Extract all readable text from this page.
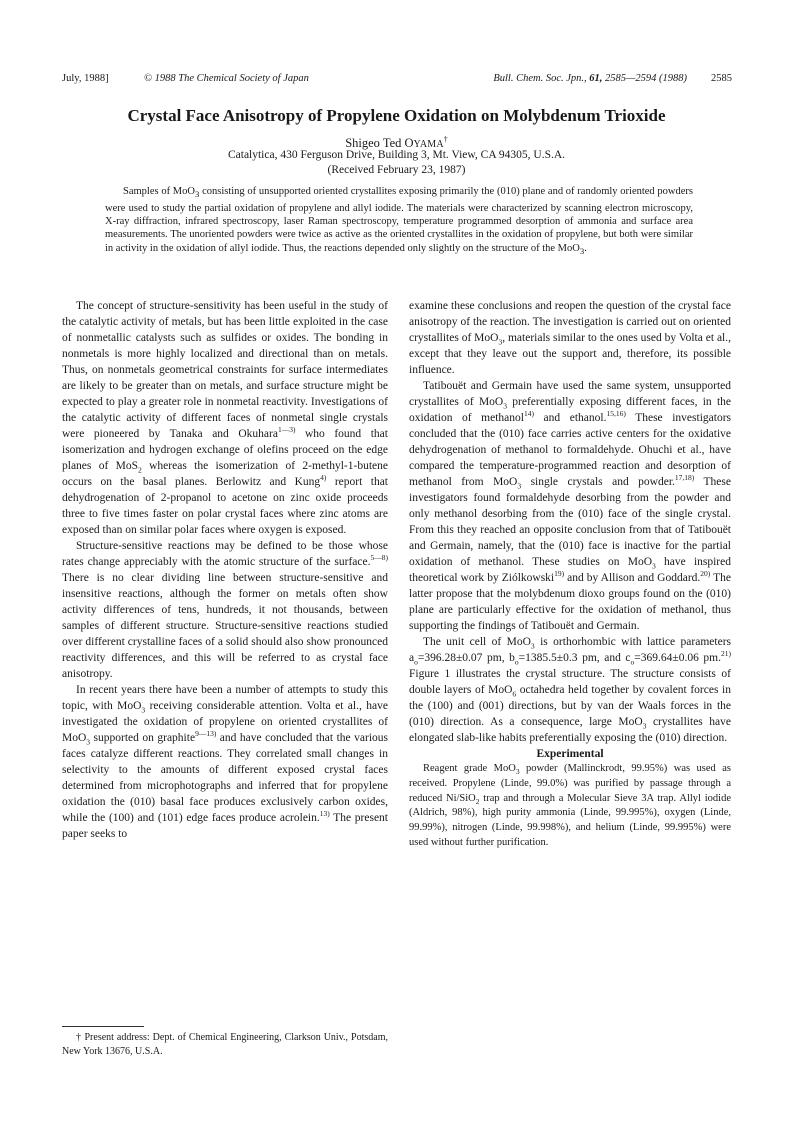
July, 1988]	© 1988 The Chemical Society of Japan	Bull. Chem. Soc. Jpn., 61, 2585—2594 (1988) 2585
Crystal Face Anisotropy of Propylene Oxidation on Molybdenum Trioxide
Shigeo Ted OYAMA†
Catalytica, 430 Ferguson Drive, Building 3, Mt. View, CA 94305, U.S.A.
(Received February 23, 1987)

Samples of MoO$_3$ consisting of unsupported oriented crystallites exposing primarily the (010) plane and of randomly oriented powders were used to study the partial oxidation of propylene and allyl iodide. The materials were characterized by scanning electron microscopy, X-ray diffraction, infrared spectroscopy, laser Raman spectroscopy, temperature programmed desorption of ammonia and surface area measurements. The unoriented powders were twice as active as the oriented crystallites in the oxidation of propylene, but both were similar in activity in the oxidation of allyl iodide. Thus, the reactions depended only slightly on the structure of the MoO$_3$.

The concept of structure-sensitivity has been useful in the study of the catalytic activity of metals, but has been little exploited in the case of nonmetallic catalysts such as sulfides or oxides. The bonding in nonmetals is more highly localized and directional than on metals. Thus, on nonmetals geometrical constraints for surface intermediates are likely to be greater than on metals, and surface structure might be expected to play a greater role in nonmetal reactivity. Investigations of the catalytic activity of different faces of nonmetal single crystals were pioneered by Tanaka and Okuhara$^{1—3)}$ who found that isomerization and hydrogen exchange of olefins proceed on the edge planes of MoS$_2$ whereas the isomerization of 2-methyl-1-butene occurs on the basal planes. Berlowitz and Kung$^{4)}$ report that dehydrogenation of 2-propanol to acetone on zinc oxide proceeds three to five times faster on polar crystal faces where zinc atoms are exposed than on similar polar faces where oxygen is exposed.

Structure-sensitive reactions may be defined to be those whose rates change appreciably with the atomic structure of the surface.$^{5—8)}$ There is no clear dividing line between structure-sensitive and insensitive reactions, although the former on metals often show activity differences of tens, hundreds, it not thousands, between samples of different structure. Structure-sensitive reactions studied over different crystalline faces of a solid should also show pronounced reactivity differences, and this will be referred to as crystal face anisotropy.

In recent years there have been a number of attempts to study this topic, with MoO$_3$ receiving considerable attention. Volta et al., have investigated the oxidation of propylene on oriented crystallites of MoO$_3$ supported on graphite$^{9—13)}$ and have concluded that the various faces catalyze different reactions. They correlated small changes in selectivity to the amounts of different exposed crystal faces determined from microphotographs and inferred that for propylene oxidation the (010) basal face produces exclusively carbon oxides, while the (100) and (101) edge faces produce acrolein.$^{13)}$ The present paper seeks to

† Present address: Dept. of Chemical Engineering, Clarkson Univ., Potsdam, New York 13676, U.S.A.

examine these conclusions and reopen the question of the crystal face anisotropy of the reaction. The investigation is carried out on oriented crystallites of MoO$_3$, materials similar to the ones used by Volta et al., except that they leave out the support and, therefore, its possible influence.

Tatibouët and Germain have used the same system, unsupported crystallites of MoO$_3$ preferentially exposing different faces, in the oxidation of methanol$^{14)}$ and ethanol.$^{15,16)}$ These investigators concluded that the (010) face carries active centers for the oxidative dehydrogenation of methanol to formaldehyde. Ohuchi et al., have compared the temperature-programmed reaction and desorption of methanol from MoO$_3$ single crystals and powder.$^{17,18)}$ These investigators found formaldehyde desorbing from the powder and only methanol desorbing from the (010) face of the single crystal. From this they reached an opposite conclusion from that of Tatibouët and Germain, namely, that the (010) face is inactive for the partial oxidation of methanol. These studies on MoO$_3$ have inspired theoretical work by Ziólkowski$^{19)}$ and by Allison and Goddard.$^{20)}$ The latter propose that the molybdenum dioxo groups found on the (010) plane are particularly effective for the oxidation of methanol, thus supporting the findings of Tatibouët and Germain.

The unit cell of MoO$_3$ is orthorhombic with lattice parameters $a_o=396.28\pm 0.07$ pm, $b_o=1385.5\pm 0.3$ pm, and $c_o=369.64\pm 0.06$ pm.$^{21)}$ Figure 1 illustrates the crystal structure. The structure consists of double layers of MoO$_6$ octahedra held together by covalent forces in the (100) and (001) directions, but by van der Waals forces in the (010) direction. As a consequence, large MoO$_3$ crystallites have elongated slab-like habits preferentially exposing the (010) direction.

Experimental

Reagent grade MoO$_3$ powder (Mallinckrodt, 99.95%) was used as received. Propylene (Linde, 99.0%) was purified by passage through a reduced Ni/SiO$_2$ trap and through a Molecular Sieve 3A trap. Allyl iodide (Aldrich, 98%), high purity ammonia (Linde, 99.995%), oxygen (Linde, 99.99%), nitrogen (Linde, 99.998%), and helium (Linde, 99.995%) were used without further purification.
